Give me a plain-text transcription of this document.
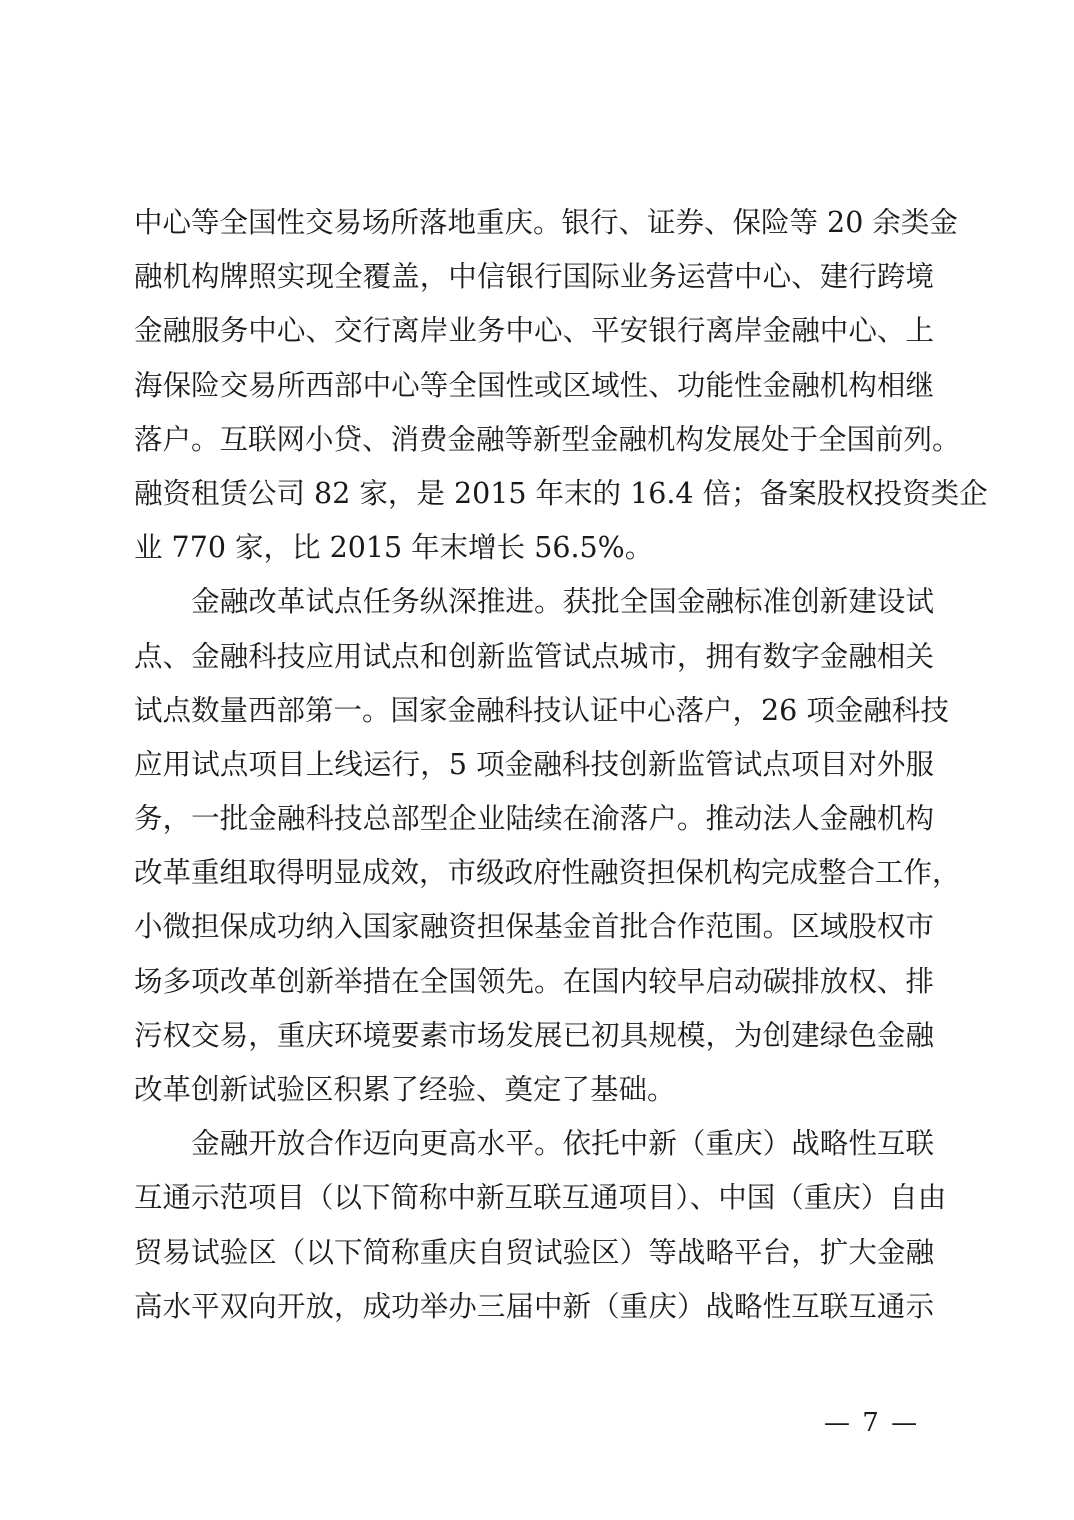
中心等全国性交易场所落地重庆。银行、证券、保险等 20 余类金
融机构牌照实现全覆盖，中信银行国际业务运营中心、建行跨境
金融服务中心、交行离岸业务中心、平安银行离岸金融中心、上
海保险交易所西部中心等全国性或区域性、功能性金融机构相继
落户。互联网小贷、消费金融等新型金融机构发展处于全国前列。
融资租赁公司 82 家，是 2015 年末的 16.4 倍；备案股权投资类企
业 770 家，比 2015 年末增长 56.5%。
　　金融改革试点任务纵深推进。获批全国金融标准创新建设试
点、金融科技应用试点和创新监管试点城市，拥有数字金融相关
试点数量西部第一。国家金融科技认证中心落户，26 项金融科技
应用试点项目上线运行，5 项金融科技创新监管试点项目对外服
务，一批金融科技总部型企业陆续在渝落户。推动法人金融机构
改革重组取得明显成效，市级政府性融资担保机构完成整合工作，
小微担保成功纳入国家融资担保基金首批合作范围。区域股权市
场多项改革创新举措在全国领先。在国内较早启动碳排放权、排
污权交易，重庆环境要素市场发展已初具规模，为创建绿色金融
改革创新试验区积累了经验、奠定了基础。
　　金融开放合作迈向更高水平。依托中新（重庆）战略性互联
互通示范项目（以下简称中新互联互通项目）、中国（重庆）自由
贸易试验区（以下简称重庆自贸试验区）等战略平台，扩大金融
高水平双向开放，成功举办三届中新（重庆）战略性互联互通示
— 7 —
